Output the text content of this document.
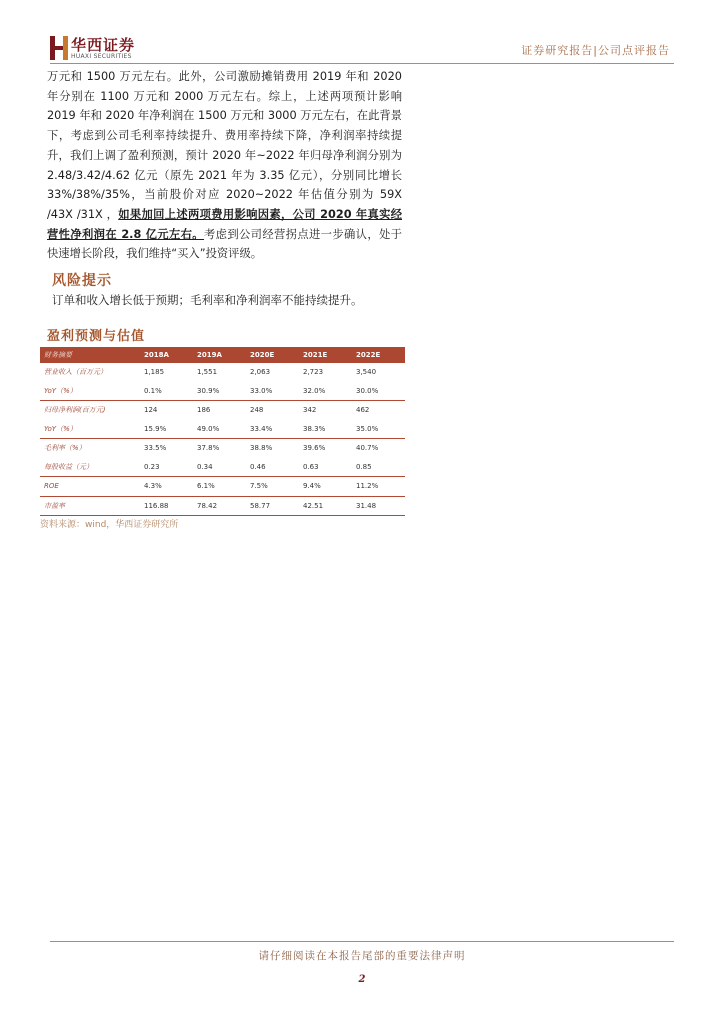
华西证券
HUAXI SECURITIES	证券研究报告|公司点评报告
万元和 1500 万元左右。此外，公司激励摊销费用 2019 年和 2020 年分别在 1100 万元和 2000 万元左右。综上，上述两项预计影响 2019 年和 2020 年净利润在 1500 万元和 3000 万元左右，在此背景下，考虑到公司毛利率持续提升、费用率持续下降，净利润率持续提升，我们上调了盈利预测，预计 2020 年~2022 年归母净利润分别为 2.48/3.42/4.62 亿元（原先 2021 年为 3.35 亿元），分别同比增长 33%/38%/35%，当前股价对应 2020~2022 年估值分别为 59X /43X /31X ，如果加回上述两项费用影响因素，公司 2020 年真实经营性净利润在 2.8 亿元左右。考虑到公司经营拐点进一步确认，处于快速增长阶段，我们维持“买入”投资评级。
风险提示
订单和收入增长低于预期；毛利率和净利润率不能持续提升。
盈利预测与估值
财务摘要	2018A	2019A	2020E	2021E	2022E
营业收入（百万元）	1,185	1,551	2,063	2,723	3,540
YoY（%）	0.1%	30.9%	33.0%	32.0%	30.0%
归母净利润(百万元)	124	186	248	342	462
YoY（%）	15.9%	49.0%	33.4%	38.3%	35.0%
毛利率（%）	33.5%	37.8%	38.8%	39.6%	40.7%
每股收益（元）	0.23	0.34	0.46	0.63	0.85
ROE	4.3%	6.1%	7.5%	9.4%	11.2%
市盈率	116.88	78.42	58.77	42.51	31.48
资料来源：wind，华西证券研究所
请仔细阅读在本报告尾部的重要法律声明
2
